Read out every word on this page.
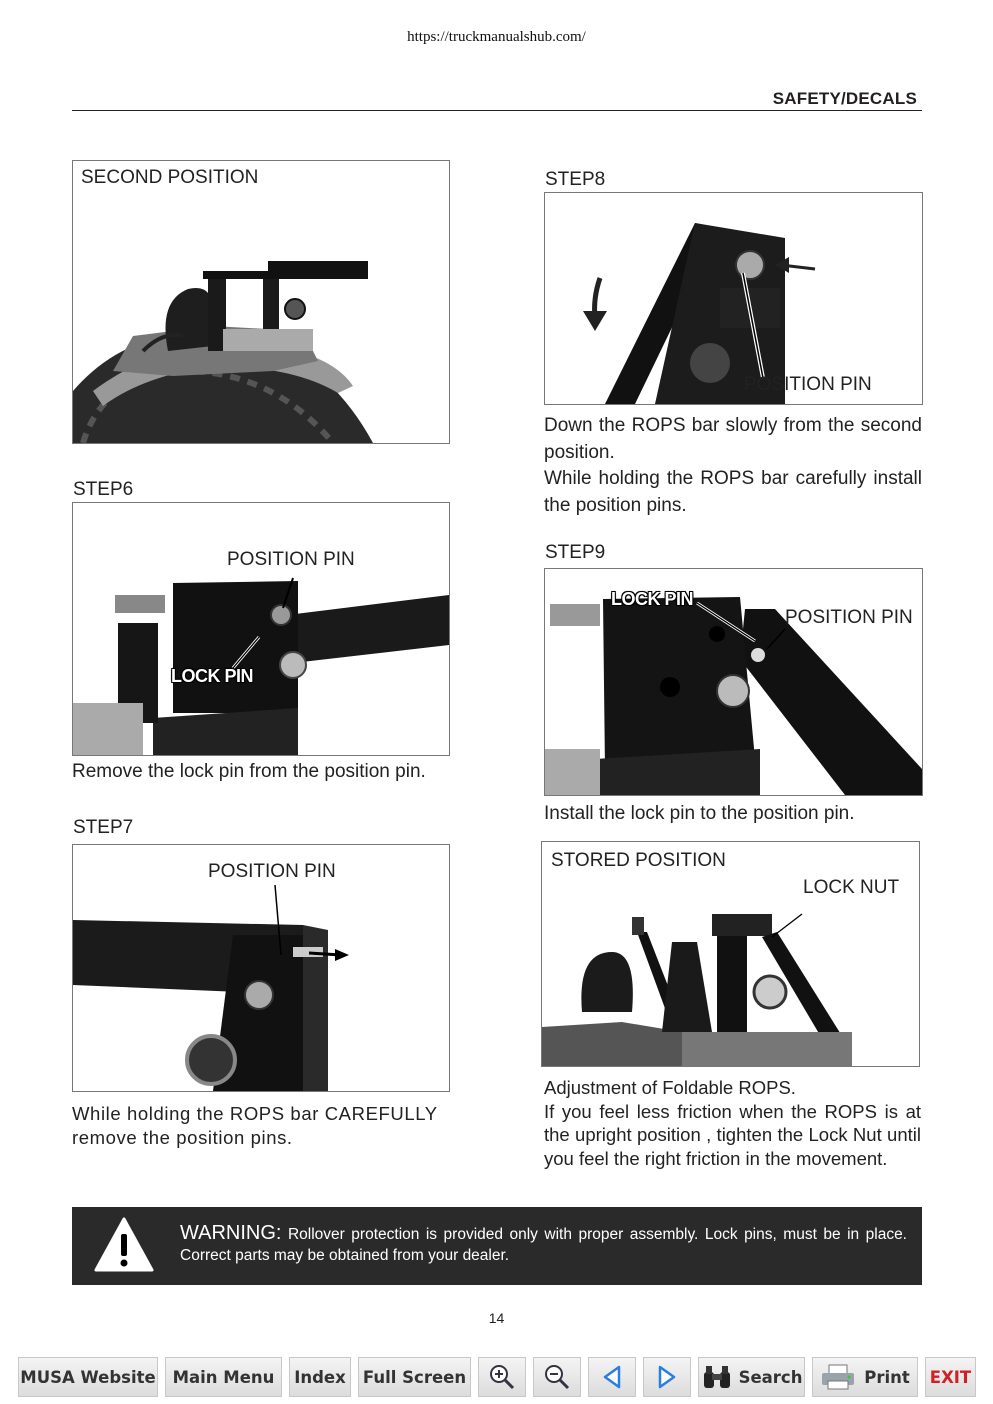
https://truckmanualshub.com/
SAFETY/DECALS
SECOND POSITION
STEP6
POSITION PIN
LOCK PIN
Remove the lock pin from the position pin.
STEP7
POSITION PIN
While holding the ROPS bar CAREFULLY remove the position pins.
STEP8
POSITION PIN
Down the ROPS bar slowly from the second position.
While holding the ROPS bar carefully install the position pins.
STEP9
LOCK PIN
POSITION PIN
Install the lock pin to the position pin.
STORED POSITION
LOCK NUT
Adjustment of Foldable ROPS.
If you feel less friction when the ROPS is at the upright position , tighten the Lock Nut until you feel the right friction in the movement.
WARNING: Rollover protection is provided only with proper assembly. Lock pins, must be in place. Correct parts may be obtained from your dealer.
14
MUSA Website Main Menu Index Full Screen	Search	Print EXIT
